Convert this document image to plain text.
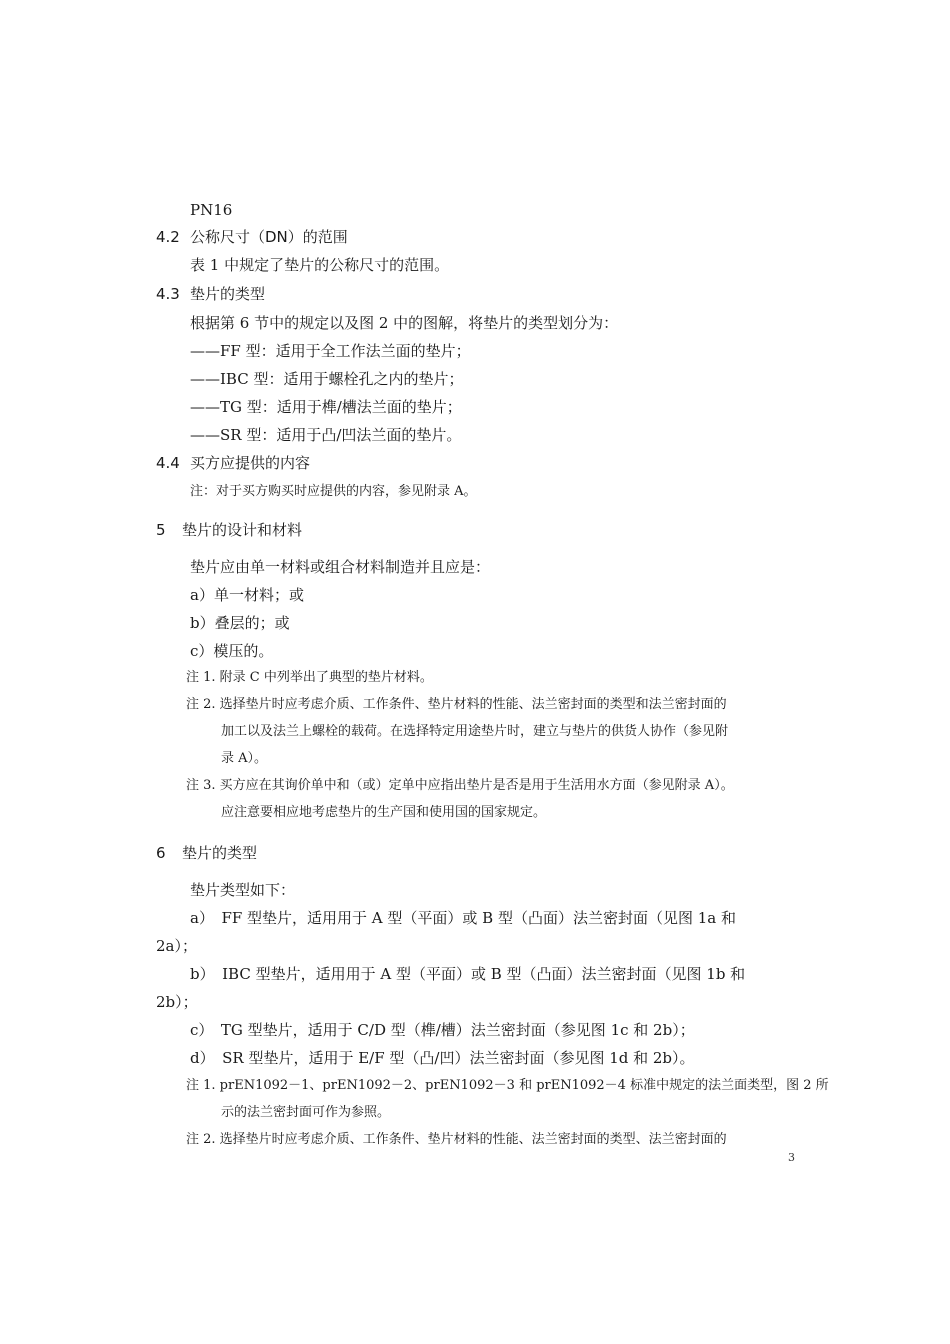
PN16
4.2 公称尺寸（DN）的范围
表 1 中规定了垫片的公称尺寸的范围。
4.3 垫片的类型
根据第 6 节中的规定以及图 2 中的图解，将垫片的类型划分为：
——FF 型：适用于全工作法兰面的垫片；
——IBC 型：适用于螺栓孔之内的垫片；
——TG 型：适用于榫/槽法兰面的垫片；
——SR 型：适用于凸/凹法兰面的垫片。
4.4 买方应提供的内容
注：对于买方购买时应提供的内容，参见附录 A。
5 垫片的设计和材料
垫片应由单一材料或组合材料制造并且应是：
a）单一材料；或
b）叠层的；或
c）模压的。
注 1. 附录 C 中列举出了典型的垫片材料。
注 2. 选择垫片时应考虑介质、工作条件、垫片材料的性能、法兰密封面的类型和法兰密封面的
加工以及法兰上螺栓的载荷。在选择特定用途垫片时，建立与垫片的供货人协作（参见附
录 A）。
注 3. 买方应在其询价单中和（或）定单中应指出垫片是否是用于生活用水方面（参见附录 A）。
应注意要相应地考虑垫片的生产国和使用国的国家规定。
6 垫片的类型
垫片类型如下：
a）　FF 型垫片，适用用于 A 型（平面）或 B 型（凸面）法兰密封面（见图 1a 和
2a）；
b）　IBC 型垫片，适用用于 A 型（平面）或 B 型（凸面）法兰密封面（见图 1b 和
2b）；
c）　TG 型垫片，适用于 C/D 型（榫/槽）法兰密封面（参见图 1c 和 2b）；
d）　SR 型垫片，适用于 E/F 型（凸/凹）法兰密封面（参见图 1d 和 2b）。
注 1. prEN1092－1、prEN1092－2、prEN1092－3 和 prEN1092－4 标准中规定的法兰面类型，图 2 所
示的法兰密封面可作为参照。
注 2. 选择垫片时应考虑介质、工作条件、垫片材料的性能、法兰密封面的类型、法兰密封面的
3
